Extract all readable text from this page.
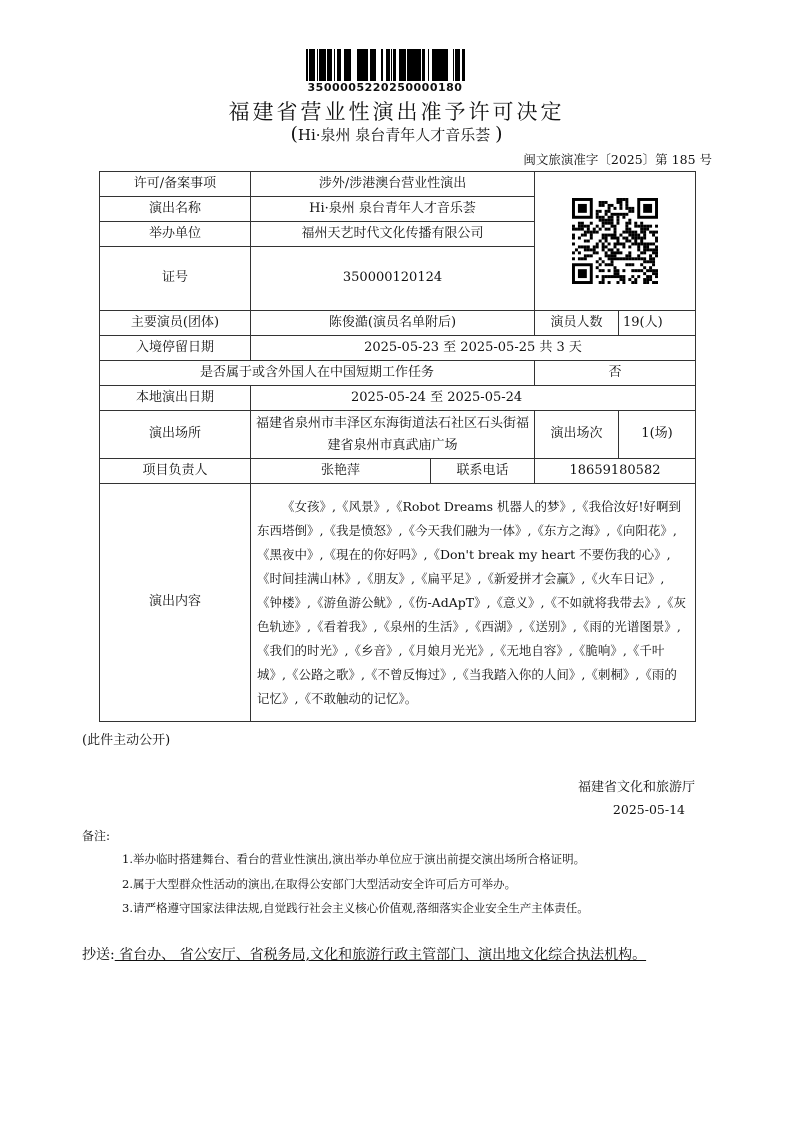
3500005220250000180
福建省营业性演出准予许可决定
(Hi·泉州 泉台青年人才音乐荟 )
闽文旅演准字〔2025〕第 185 号
许可/备案事项	涉外/涉港澳台营业性演出	

演出名称	Hi·泉州 泉台青年人才音乐荟			
举办单位	福州天艺时代文化传播有限公司			
证号	350000120124			
主要演员(团体)	陈俊澔(演员名单附后)		演员人数	19(人)
入境停留日期	2025-05-23 至 2025-05-25 共 3 天			
是否属于或含外国人在中国短期工作任务			否	
本地演出日期	2025-05-24 至 2025-05-24			
演出场所	福建省泉州市丰泽区东海街道法石社区石头街福建省泉州市真武庙广场		演出场次	1(场)
项目负责人	张艳萍	联系电话	18659180582	
演出内容	《女孩》,《风景》,《Robot Dreams 机器人的梦》,《我佮汝好!好啊到东西塔倒》,《我是愤怒》,《今天我们融为一体》,《东方之海》,《向阳花》,《黑夜中》,《現在的你好吗》,《Don't break my heart 不要伤我的心》,《时间挂满山林》,《朋友》,《扁平足》,《新爱拼才会赢》,《火车日记》,《钟楼》,《游鱼游公鱿》,《伤-AdApT》,《意义》,《不如就将我带去》,《灰色轨迹》,《看着我》,《泉州的生活》,《西湖》,《送别》,《雨的光谱图景》,《我们的时光》,《乡音》,《月娘月光光》,《无地自容》,《脆响》,《千叶城》,《公路之歌》,《不曾反悔过》,《当我踏入你的人间》,《刺桐》,《雨的记忆》,《不敢触动的记忆》。			
(此件主动公开)
福建省文化和旅游厅
2025-05-14
备注:
1.举办临时搭建舞台、看台的营业性演出,演出举办单位应于演出前提交演出场所合格证明。
2.属于大型群众性活动的演出,在取得公安部门大型活动安全许可后方可举办。
3.请严格遵守国家法律法规,自觉践行社会主义核心价值观,落细落实企业安全生产主体责任。
抄送: 省台办、 省公安厅、省税务局,文化和旅游行政主管部门、演出地文化综合执法机构。
